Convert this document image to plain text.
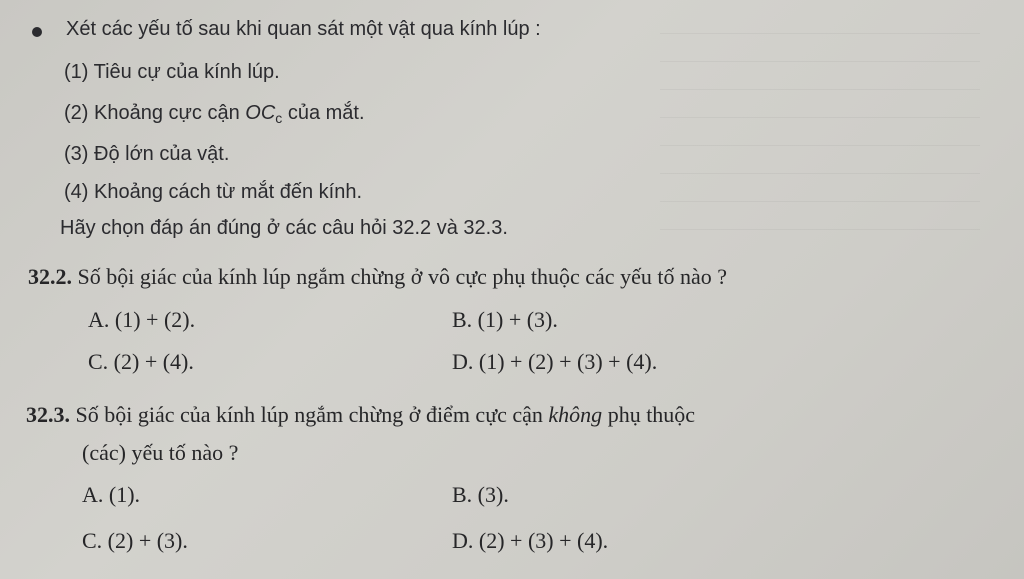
Xét các yếu tố sau khi quan sát một vật qua kính lúp :
(1) Tiêu cự của kính lúp.
(2) Khoảng cực cận $OC_c$ của mắt.
(3) Độ lớn của vật.
(4) Khoảng cách từ mắt đến kính.
Hãy chọn đáp án đúng ở các câu hỏi 32.2 và 32.3.
32.2. Số bội giác của kính lúp ngắm chừng ở vô cực phụ thuộc các yếu tố nào ?
A. (1) + (2).	B. (1) + (3).
C. (2) + (4).	D. (1) + (2) + (3) + (4).
32.3. Số bội giác của kính lúp ngắm chừng ở điểm cực cận không phụ thuộc
(các) yếu tố nào ?
A. (1).	B. (3).
C. (2) + (3).	D. (2) + (3) + (4).
